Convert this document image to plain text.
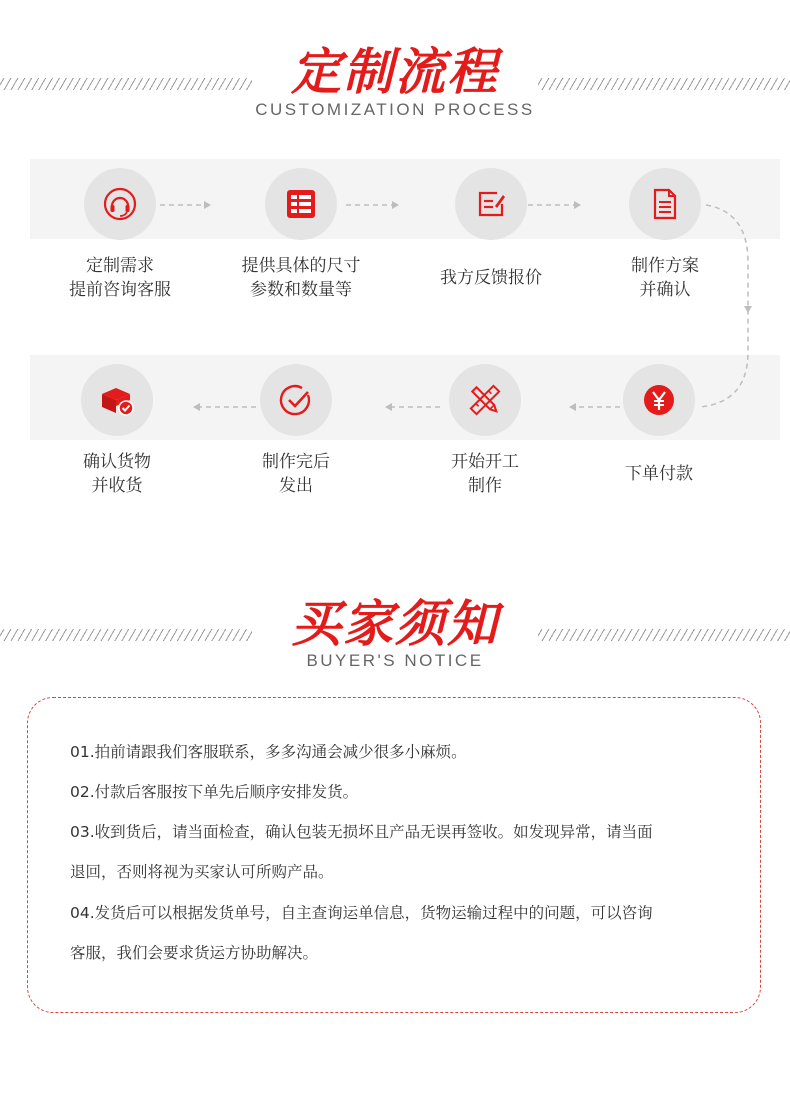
定制流程
CUSTOMIZATION PROCESS
定制需求
提前咨询客服
提供具体的尺寸
参数和数量等
我方反馈报价
制作方案
并确认
确认货物
并收货
制作完后
发出
开始开工
制作
下单付款
买家须知
BUYER'S NOTICE
01.拍前请跟我们客服联系，多多沟通会减少很多小麻烦。
02.付款后客服按下单先后顺序安排发货。
03.收到货后，请当面检查，确认包装无损坏且产品无误再签收。如发现异常，请当面
退回，否则将视为买家认可所购产品。
04.发货后可以根据发货单号，自主查询运单信息，货物运输过程中的问题，可以咨询
客服，我们会要求货运方协助解决。
